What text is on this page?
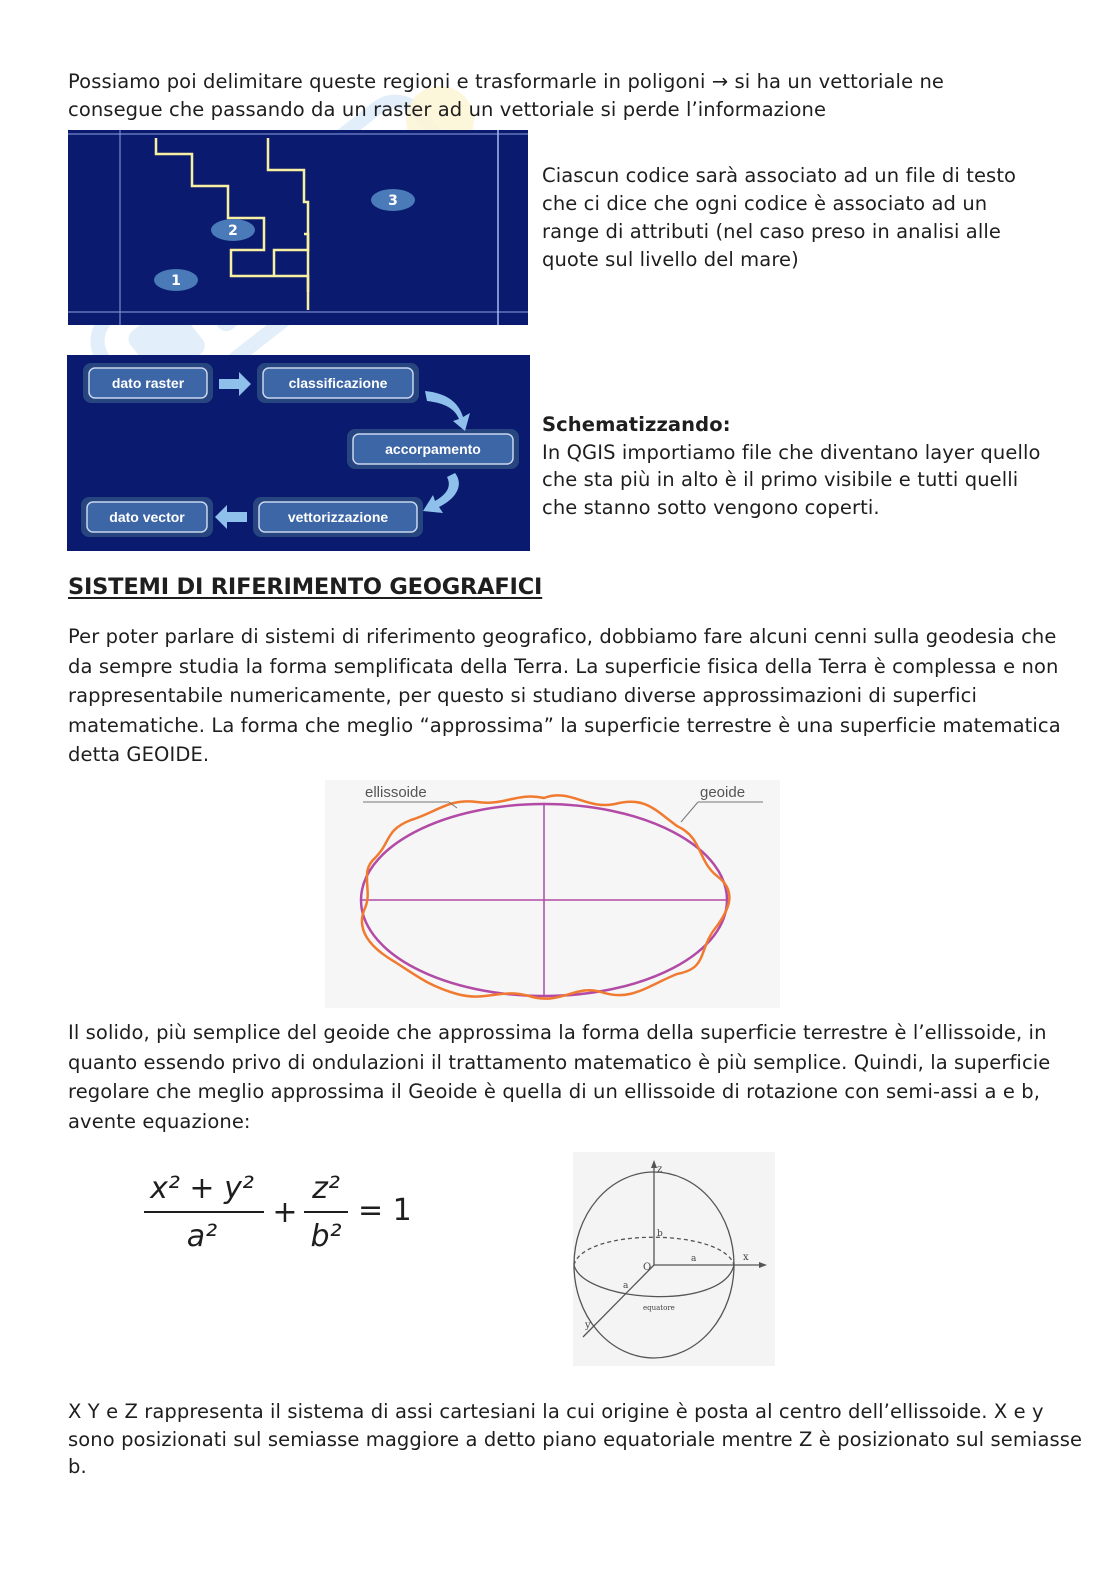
Possiamo poi delimitare queste regioni e trasformarle in poligoni → si ha un vettoriale ne
consegue che passando da un raster ad un vettoriale si perde l’informazione
1
2
3
Ciascun codice sarà associato ad un file di testo che ci dice che ogni codice è associato ad un range di attributi (nel caso preso in analisi alle quote sul livello del mare)
dato raster	classificazione
accorpamento
vettorizzazione
dato vector
Schematizzando:
In QGIS importiamo file che diventano layer quello che sta più in alto è il primo visibile e tutti quelli che stanno sotto vengono coperti.
SISTEMI DI RIFERIMENTO GEOGRAFICI
Per poter parlare di sistemi di riferimento geografico, dobbiamo fare alcuni cenni sulla geodesia che da sempre studia la forma semplificata della Terra. La superficie fisica della Terra è complessa e non rappresentabile numericamente, per questo si studiano diverse approssimazioni di superfici matematiche. La forma che meglio “approssima” la superficie terrestre è una superficie matematica detta GEOIDE.
ellissoide	geoide
Il solido, più semplice del geoide che approssima la forma della superficie terrestre è l’ellissoide, in quanto essendo privo di ondulazioni il trattamento matematico è più semplice. Quindi, la superficie regolare che meglio approssima il Geoide è quella di un ellissoide di rotazione con semi-assi a e b, avente equazione:
x² + y²
a²
+
z²
b²
= 1
z
x
y
O
a
a
b
equatore
X Y e Z rappresenta il sistema di assi cartesiani la cui origine è posta al centro dell’ellissoide. X e y sono posizionati sul semiasse maggiore a detto piano equatoriale mentre Z è posizionato sul semiasse b.
